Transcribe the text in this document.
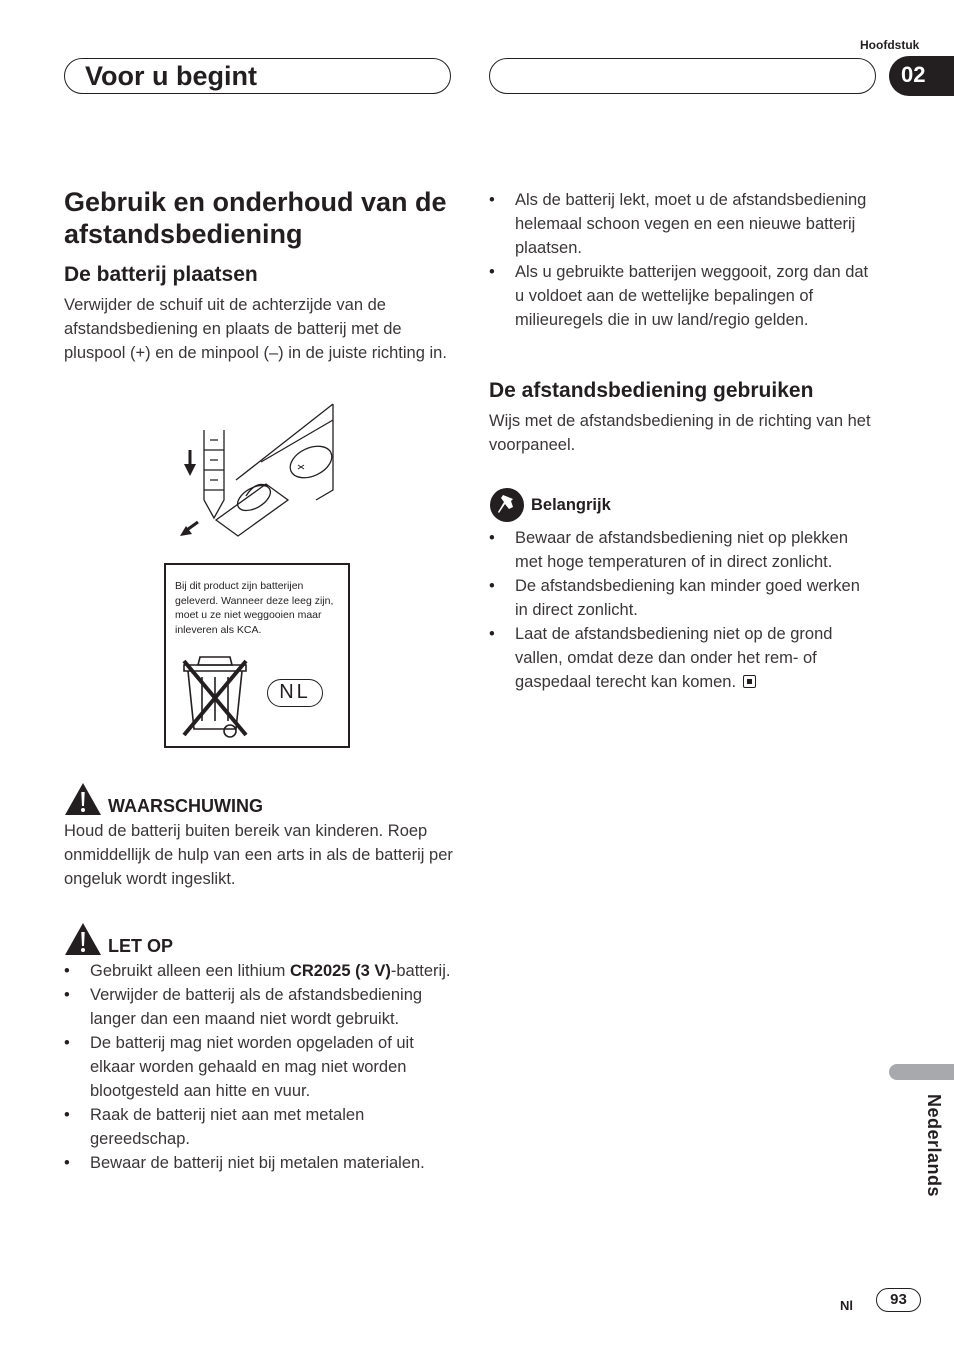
Voor u begint
Hoofdstuk
02
Gebruik en onderhoud van de afstandsbediening
De batterij plaatsen

Verwijder de schuif uit de achterzijde van de afstandsbediening en plaats de batterij met de pluspool (+) en de minpool (–) in de juiste richting in.

Bij dit product zijn batterijen geleverd. Wanneer deze leeg zijn, moet u ze niet weggooien maar inleveren als KCA.
NL
WAARSCHUWING

Houd de batterij buiten bereik van kinderen. Roep onmiddellijk de hulp van een arts in als de batterij per ongeluk wordt ingeslikt.

LET OP
• Gebruikt alleen een lithium CR2025 (3 V)-batterij.
• Verwijder de batterij als de afstandsbediening langer dan een maand niet wordt gebruikt.
• De batterij mag niet worden opgeladen of uit elkaar worden gehaald en mag niet worden blootgesteld aan hitte en vuur.
• Raak de batterij niet aan met metalen gereedschap.
• Bewaar de batterij niet bij metalen materialen.
• Als de batterij lekt, moet u de afstandsbediening helemaal schoon vegen en een nieuwe batterij plaatsen.
• Als u gebruikte batterijen weggooit, zorg dan dat u voldoet aan de wettelijke bepalingen of milieuregels die in uw land/regio gelden.
De afstandsbediening gebruiken

Wijs met de afstandsbediening in de richting van het voorpaneel.

Belangrijk
• Bewaar de afstandsbediening niet op plekken met hoge temperaturen of in direct zonlicht.
• De afstandsbediening kan minder goed werken in direct zonlicht.
• Laat de afstandsbediening niet op de grond vallen, omdat deze dan onder het rem- of gaspedaal terecht kan komen.
Nederlands
Nl	93
